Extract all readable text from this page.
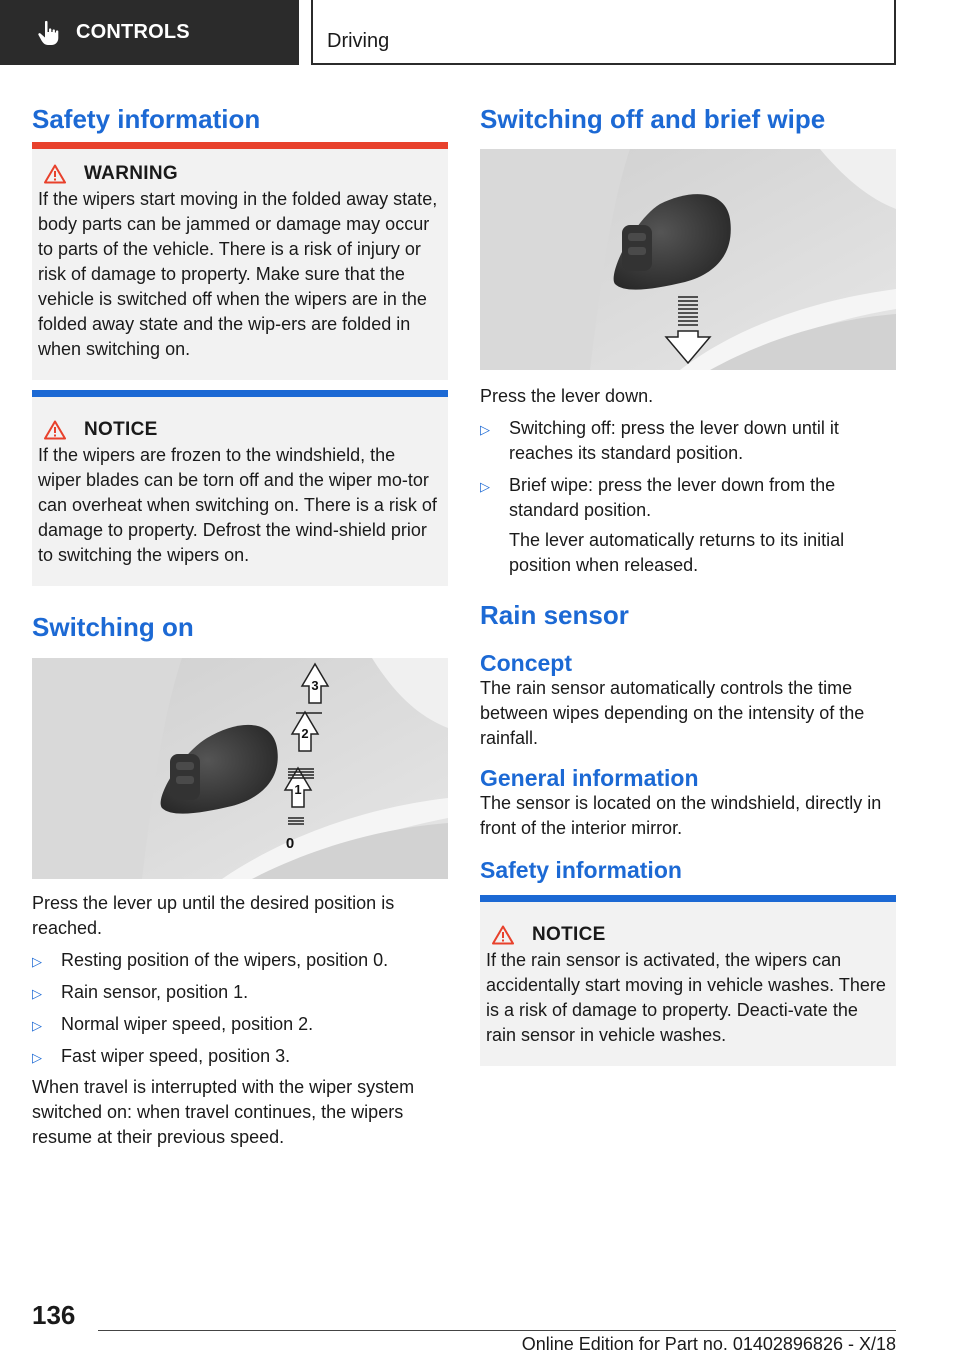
CONTROLS	Driving
Safety information
WARNING

If the wipers start moving in the folded away state, body parts can be jammed or damage may occur to parts of the vehicle. There is a risk of injury or risk of damage to property. Make sure that the vehicle is switched off when the wipers are in the folded away state and the wip‐ers are folded in when switching on.

NOTICE

If the wipers are frozen to the windshield, the wiper blades can be torn off and the wiper mo‐tor can overheat when switching on. There is a risk of damage to property. Defrost the wind‐shield prior to switching the wipers on.

Switching on
3
2
1
0

Press the lever up until the desired position is reached.

▷ Resting position of the wipers, position 0.
▷ Rain sensor, position 1.
▷ Normal wiper speed, position 2.
▷ Fast wiper speed, position 3.

When travel is interrupted with the wiper system switched on: when travel continues, the wipers resume at their previous speed.

Switching off and brief wipe

Press the lever down.

▷ Switching off: press the lever down until it reaches its standard position.
▷ Brief wipe: press the lever down from the standard position.

The lever automatically returns to its initial position when released.

Rain sensor
Concept

The rain sensor automatically controls the time between wipes depending on the intensity of the rainfall.

General information

The sensor is located on the windshield, directly in front of the interior mirror.

Safety information
NOTICE

If the rain sensor is activated, the wipers can accidentally start moving in vehicle washes. There is a risk of damage to property. Deacti‐vate the rain sensor in vehicle washes.

136
Online Edition for Part no. 01402896826 - X/18
